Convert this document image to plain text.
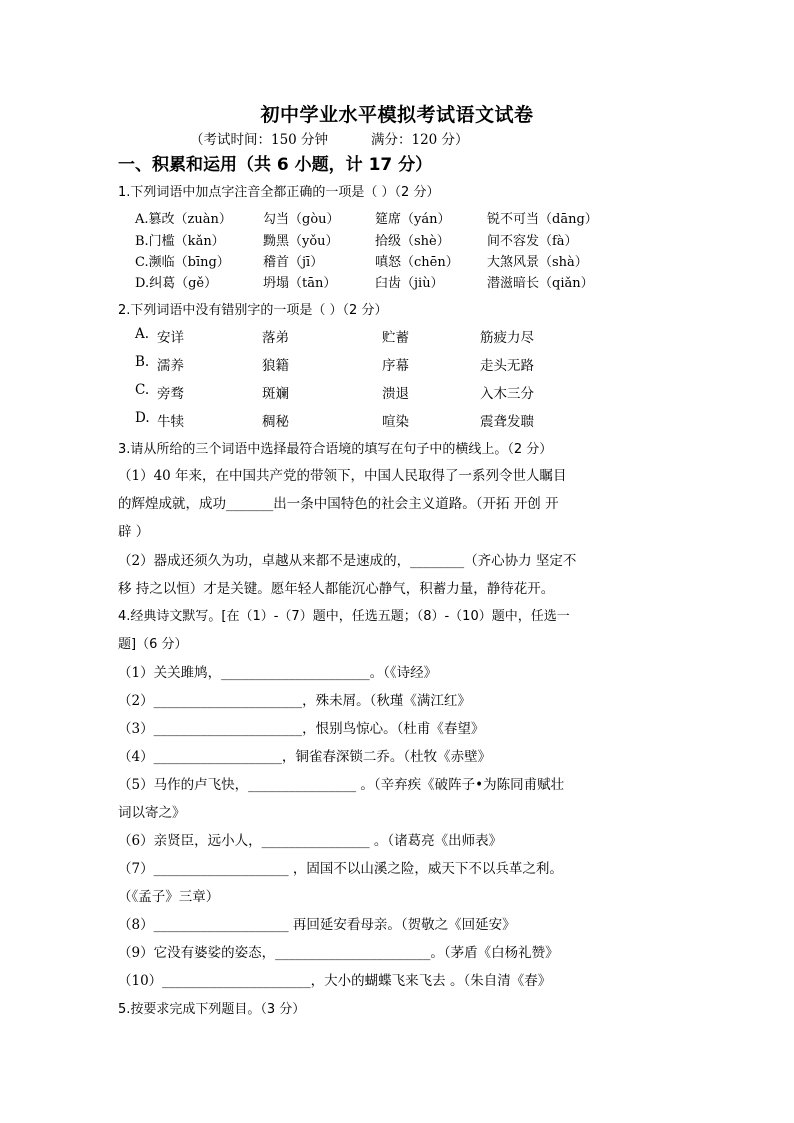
初中学业水平模拟考试语文试卷
（考试时间：150 分钟	满分：120 分）
一、积累和运用（共 6 小题，计 17 分）
1.下列词语中加点字注音全都正确的一项是（ ）（2 分）
A.篡改（zuàn） 勾当（gòu）	筵席（yán）	锐不可当（dāng）
B.门槛（kǎn）	黝黑（yǒu）	拾级（shè）	间不容发（fà）
C.濒临（bīng）	稽首（jī）	嗔怒（chēn） 大煞风景（shà）
D.纠葛（gě）	坍塌（tān）	臼齿（jiù）	潜滋暗长（qiǎn）
2.下列词语中没有错别字的一项是（ ）（2 分）
A. 安详	落弟	贮蓄	筋疲力尽
B. 濡养	狼籍	序幕	走头无路
C. 旁骛	斑斓	溃退	入木三分
D. 牛犊	稠秘	喧染	震聋发聩
3.请从所给的三个词语中选择最符合语境的填写在句子中的横线上。（2 分）
（1）40 年来，在中国共产党的带领下，中国人民取得了一系列令世人瞩目
的辉煌成就，成功_______出一条中国特色的社会主义道路。（开拓 开创 开
辟 ）
（2）器成还须久为功，卓越从来都不是速成的，________（齐心协力 坚定不
移 持之以恒）才是关键。愿年轻人都能沉心静气，积蓄力量，静待花开。
4.经典诗文默写。[在（1）-（7）题中，任选五题；（8）-（10）题中，任选一
题]（6 分）
（1）关关雎鸠，______________________。（《诗经》
（2）______________________，殊未屑。（秋瑾《满江红》
（3）______________________，恨别鸟惊心。（杜甫《春望》
（4）___________________，铜雀春深锁二乔。（杜牧《赤壁》
（5）马作的卢飞快，________________ 。（辛弃疾《破阵子•为陈同甫赋壮
词以寄之》
（6）亲贤臣，远小人，________________ 。（诸葛亮《出师表》
（7）____________________ ，固国不以山溪之险，威天下不以兵革之利。
（《孟子》三章）
（8）____________________ 再回延安看母亲。（贺敬之《回延安》
（9）它没有婆娑的姿态，_______________________。（茅盾《白杨礼赞》
（10）______________________，大小的蝴蝶飞来飞去 。（朱自清《春》
5.按要求完成下列题目。（3 分）
